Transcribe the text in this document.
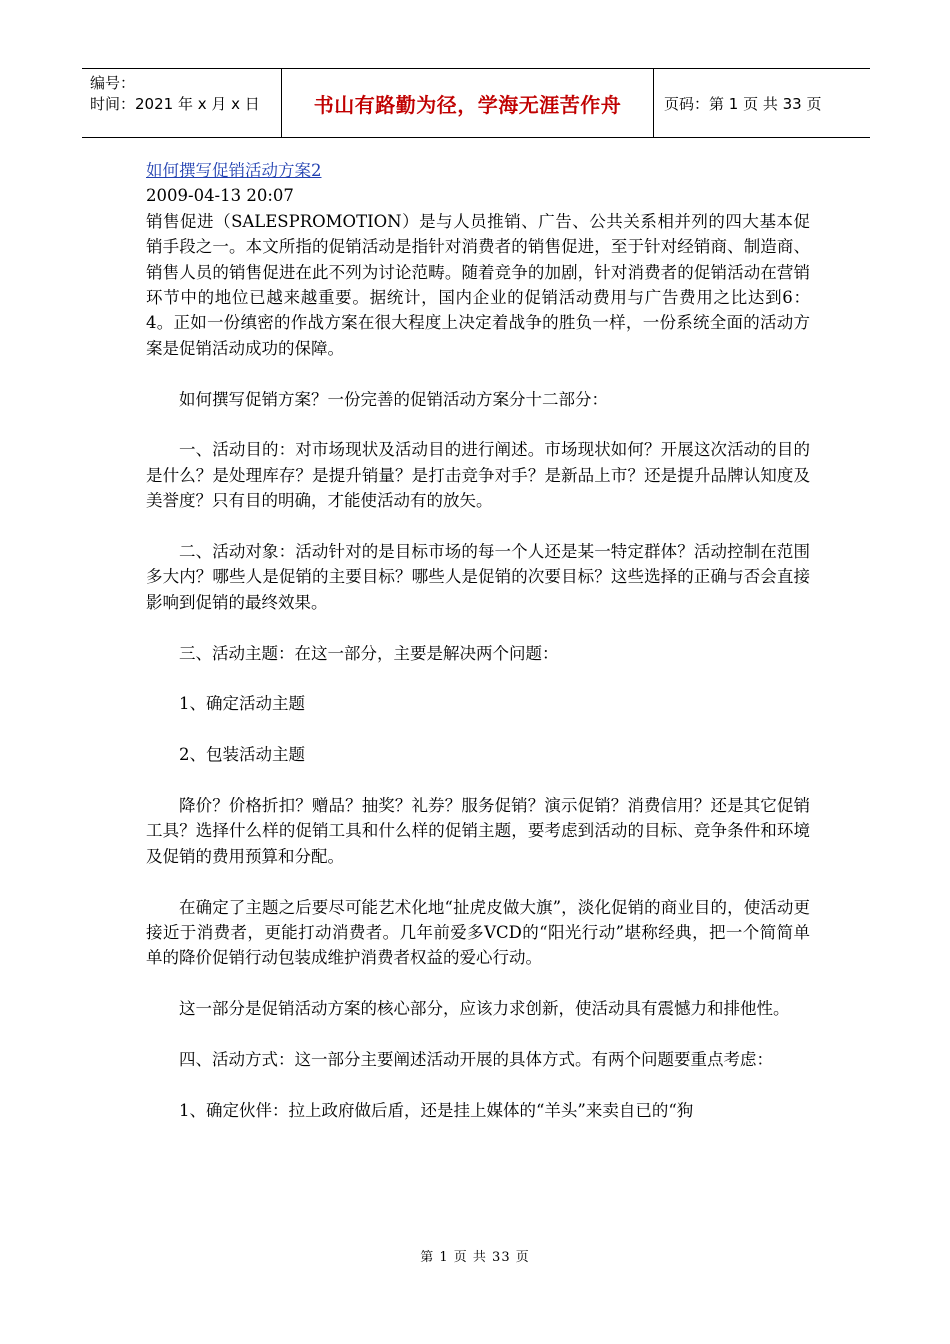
编号：
时间：2021 年 x 月 x 日	书山有路勤为径，学海无涯苦作舟	页码：第 1 页 共 33 页
如何撰写促销活动方案2
2009-04-13 20:07

销售促进（SALESPROMOTION）是与人员推销、广告、公共关系相并列的四大基本促销手段之一。本文所指的促销活动是指针对消费者的销售促进，至于针对经销商、制造商、销售人员的销售促进在此不列为讨论范畴。随着竞争的加剧，针对消费者的促销活动在营销环节中的地位已越来越重要。据统计，国内企业的促销活动费用与广告费用之比达到6：4。正如一份缜密的作战方案在很大程度上决定着战争的胜负一样，一份系统全面的活动方案是促销活动成功的保障。

如何撰写促销方案？一份完善的促销活动方案分十二部分：

一、活动目的：对市场现状及活动目的进行阐述。市场现状如何？开展这次活动的目的是什么？是处理库存？是提升销量？是打击竞争对手？是新品上市？还是提升品牌认知度及美誉度？只有目的明确，才能使活动有的放矢。

二、活动对象：活动针对的是目标市场的每一个人还是某一特定群体？活动控制在范围多大内？哪些人是促销的主要目标？哪些人是促销的次要目标？这些选择的正确与否会直接影响到促销的最终效果。

三、活动主题：在这一部分，主要是解决两个问题：

1、确定活动主题

2、包装活动主题

降价？价格折扣？赠品？抽奖？礼券？服务促销？演示促销？消费信用？还是其它促销工具？选择什么样的促销工具和什么样的促销主题，要考虑到活动的目标、竞争条件和环境及促销的费用预算和分配。

在确定了主题之后要尽可能艺术化地“扯虎皮做大旗”，淡化促销的商业目的，使活动更接近于消费者，更能打动消费者。几年前爱多VCD的“阳光行动”堪称经典，把一个简简单单的降价促销行动包装成维护消费者权益的爱心行动。

这一部分是促销活动方案的核心部分，应该力求创新，使活动具有震憾力和排他性。

四、活动方式：这一部分主要阐述活动开展的具体方式。有两个问题要重点考虑：

1、确定伙伴：拉上政府做后盾，还是挂上媒体的“羊头”来卖自已的“狗

第 1 页 共 33 页
